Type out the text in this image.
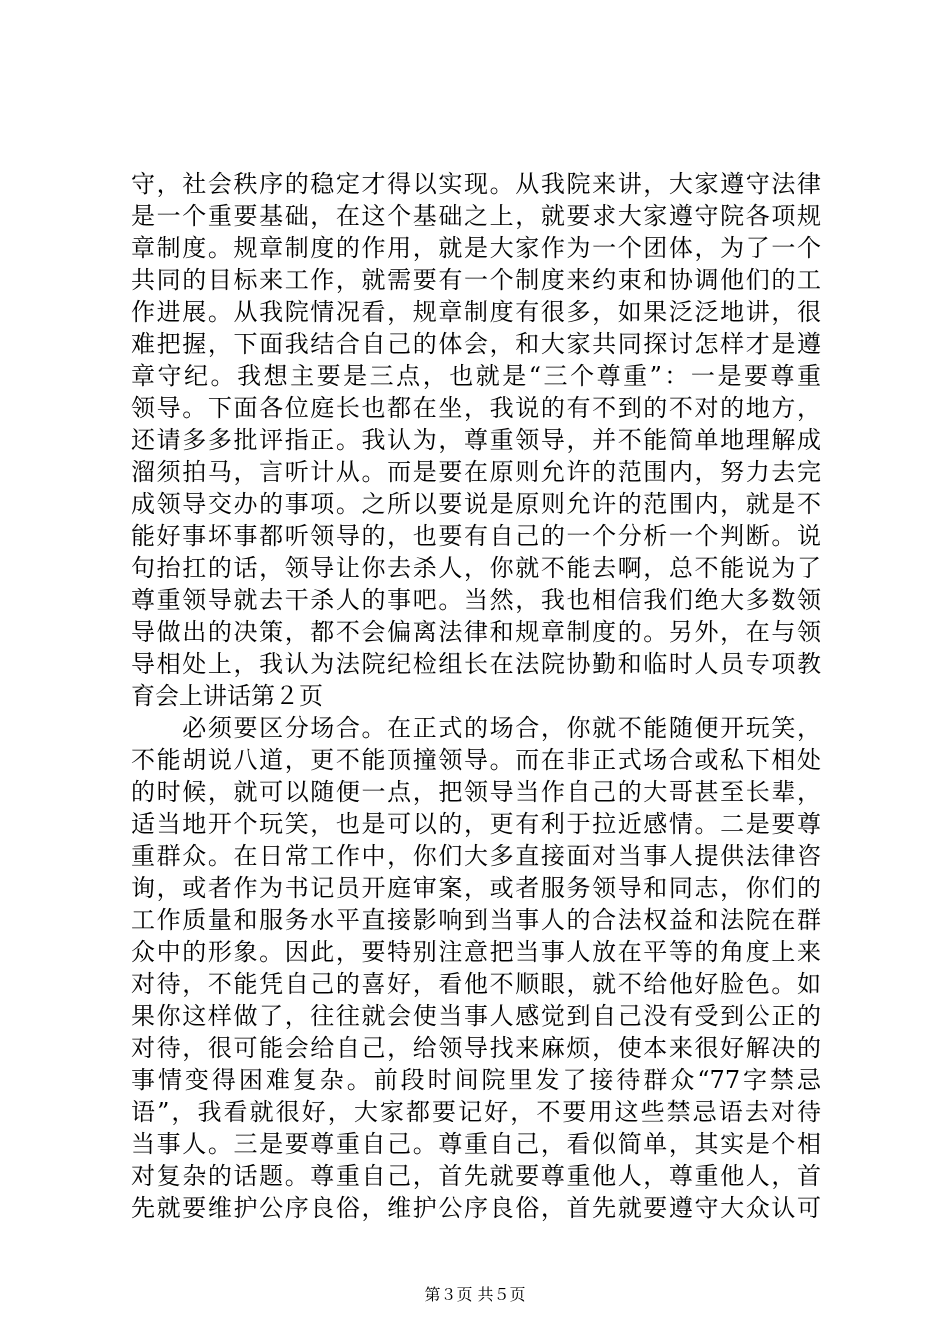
守，社会秩序的稳定才得以实现。从我院来讲，大家遵守法律
是一个重要基础，在这个基础之上，就要求大家遵守院各项规
章制度。规章制度的作用，就是大家作为一个团体，为了一个
共同的目标来工作，就需要有一个制度来约束和协调他们的工
作进展。从我院情况看，规章制度有很多，如果泛泛地讲，很
难把握，下面我结合自己的体会，和大家共同探讨怎样才是遵
章守纪。我想主要是三点，也就是“三个尊重”：一是要尊重
领导。下面各位庭长也都在坐，我说的有不到的不对的地方，
还请多多批评指正。我认为，尊重领导，并不能简单地理解成
溜须拍马，言听计从。而是要在原则允许的范围内，努力去完
成领导交办的事项。之所以要说是原则允许的范围内，就是不
能好事坏事都听领导的，也要有自己的一个分析一个判断。说
句抬扛的话，领导让你去杀人，你就不能去啊，总不能说为了
尊重领导就去干杀人的事吧。当然，我也相信我们绝大多数领
导做出的决策，都不会偏离法律和规章制度的。另外，在与领
导相处上，我认为法院纪检组长在法院协勤和临时人员专项教
育会上讲话第２页
　　必须要区分场合。在正式的场合，你就不能随便开玩笑，
不能胡说八道，更不能顶撞领导。而在非正式场合或私下相处
的时候，就可以随便一点，把领导当作自己的大哥甚至长辈，
适当地开个玩笑，也是可以的，更有利于拉近感情。二是要尊
重群众。在日常工作中，你们大多直接面对当事人提供法律咨
询，或者作为书记员开庭审案，或者服务领导和同志，你们的
工作质量和服务水平直接影响到当事人的合法权益和法院在群
众中的形象。因此，要特别注意把当事人放在平等的角度上来
对待，不能凭自己的喜好，看他不顺眼，就不给他好脸色。如
果你这样做了，往往就会使当事人感觉到自己没有受到公正的
对待，很可能会给自己，给领导找来麻烦，使本来很好解决的
事情变得困难复杂。前段时间院里发了接待群众“77字禁忌
语”，我看就很好，大家都要记好，不要用这些禁忌语去对待
当事人。三是要尊重自己。尊重自己，看似简单，其实是个相
对复杂的话题。尊重自己，首先就要尊重他人，尊重他人，首
先就要维护公序良俗，维护公序良俗，首先就要遵守大众认可
第３页 共５页
